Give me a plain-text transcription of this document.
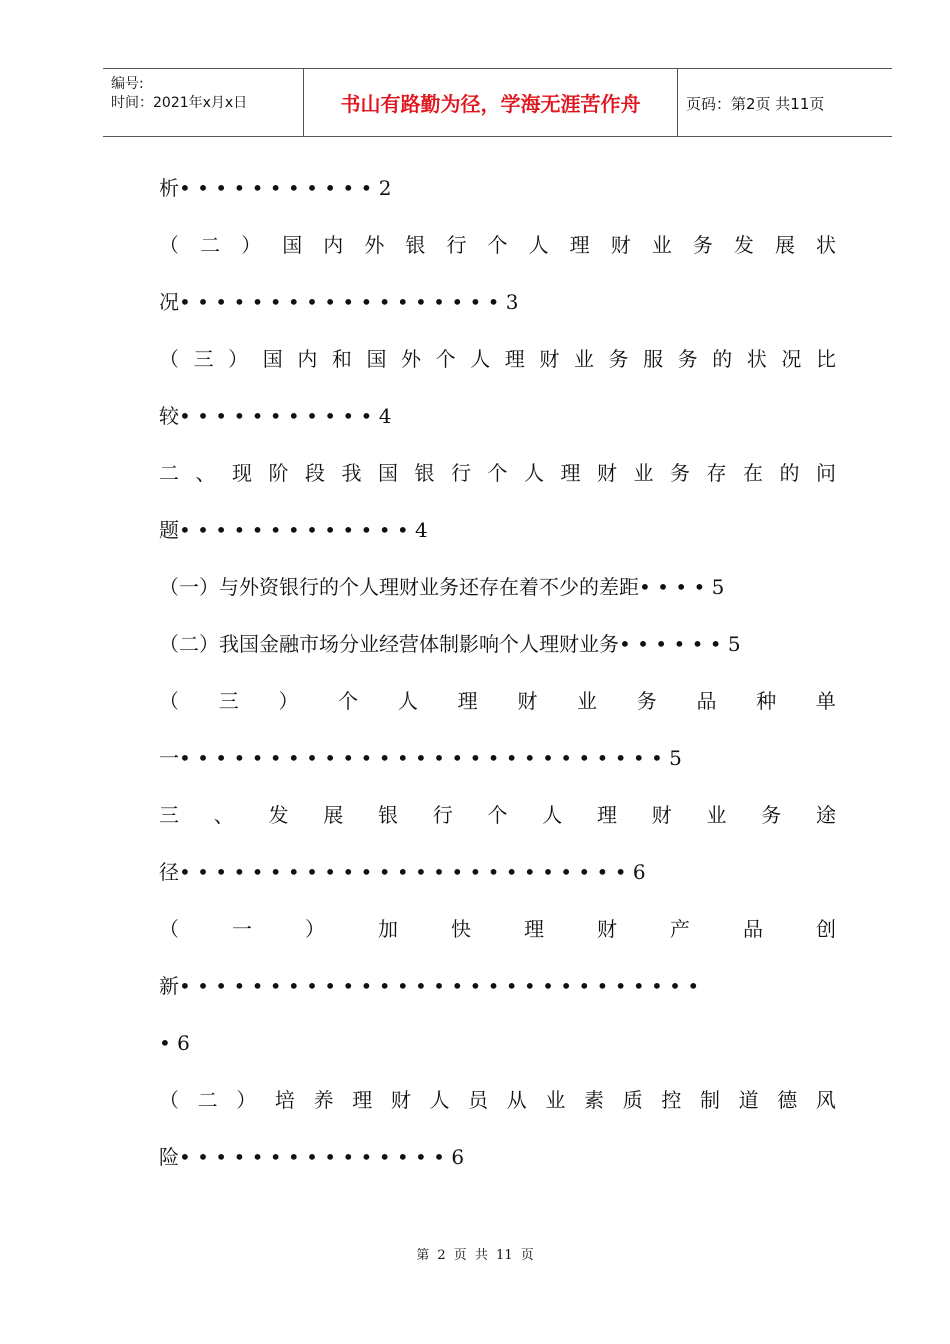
编号:
时间：2021年x月x日	书山有路勤为径，学海无涯苦作舟	页码：第2页 共11页
析 • • • • • • • • • • • 2
（ 二 ） 国 内 外 银 行 个 人 理 财 业 务 发 展 状
况 • • • • • • • • • • • • • • • • • • 3
（ 三 ） 国 内 和 国 外 个 人 理 财 业 务 服 务 的 状 况 比
较 • • • • • • • • • • • 4
二 、 现 阶 段 我 国 银 行 个 人 理 财 业 务 存 在 的 问
题 • • • • • • • • • • • • • 4
（一）与外资银行的个人理财业务还存在着不少的差距 • • • • 5
（二）我国金融市场分业经营体制影响个人理财业务 • • • • • • 5
（ 三 ） 个 人 理 财 业 务 品 种 单
一 • • • • • • • • • • • • • • • • • • • • • • • • • • • 5
三 、 发 展 银 行 个 人 理 财 业 务 途
径 • • • • • • • • • • • • • • • • • • • • • • • • • 6
（	一	）	加	快	理	财	产	品	创
新 • • • • • • • • • • • • • • • • • • • • • • • • • • • • •
• 6
（ 二 ） 培 养 理 财 人 员 从 业 素 质 控 制 道 德 风
险 • • • • • • • • • • • • • • • 6
第 2 页 共 11 页
